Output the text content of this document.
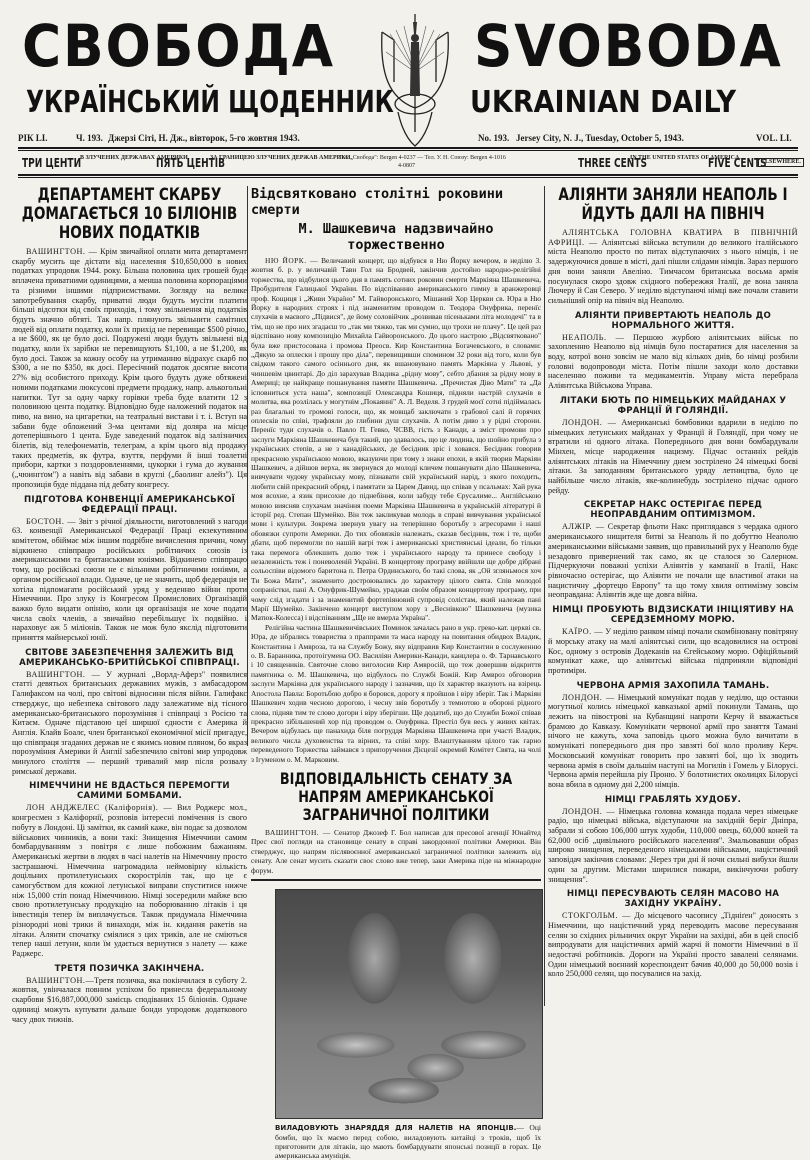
СВОБОДА SVOBODA
УКРАЇНСЬКИЙ ЩОДЕННИК	UKRAINIAN DAILY
РІК LI.	Ч. 193. Джерзі Сіті, Н. Дж., вівторок, 5-го жовтня 1943.	No. 193. Jersey City, N. J., Tuesday, October 5, 1943.	VOL. LI.
ТРИ ЦЕНТИ
В ЗЛУЧЕНИХ ДЕРЖАВАХ АМЕРИКИ.
ПЯТЬ ЦЕНТІВ
ЗА ГРАНИЦЕЮ ЗЛУЧЕНИХ ДЕРЖАВ АМЕРИКИ.
Тел. „Свобода": Bergen 4-0237 — Тел. У. Н. Союзу: Bergen 4-1016
4-0807	THREE CENTS
IN THE UNITED STATES OF AMERICA.
FIVE CENTS
ELSEWHERE.
ДЕПАРТАМЕНТ СКАРБУ ДОМАГАЄТЬСЯ 10 БІЛІОНІВ НОВИХ ПОДАТКІВ

ВАШИНГТОН. — Крім звичайної оплати мита департамент скарбу мусить ще дістати від населення $10,650,000 в нових податках упродовж 1944. року. Більша половина цих грошей буде вплачена приватними одиницями, а менша половина корпораціями та різними іншими підприємствами. Зогляду на велике запотребування скарбу, приватні люди будуть мусіти платити більші відсотки від своїх приходів, і тому звільнення від податків будуть значно обтяті. Так напр. плянують звільнити самітних людей від оплати податку, коли їх прихід не перевищає $500 річно, а не $600, як це було досі. Подружені люди будуть звільнені від податку, коли їх зарібки не перевищують $1,100, а не $1,200, як було досі. Також за кожну особу на утриманню відрахує скарб по $300, а не по $350, як досі. Пересічний податок досягне висоти 27% від особистого приходу. Крім цього будуть дуже обтяжені новими податками люксусові предмети продажу, напр. алькогольні напитки. Тут за одну чарку горівки треба буде влатити 12 з половиною цента податку. Відповідно буде наложений податок на пиво, на вино, на цигаретки, на театральні вистави і т. і. Вступ на забави буде обложений 3-ма центами від доляра на місце дотеперішнього 1 цента. Буде заведений податок від залізничих білетів, від телефонематів, телеграм, а крім цього від продажу таких предметів, як футра, взуття, перфуми й інші тоалетні прибори, картки з поздоровленнями, цукорки і гума до жування („чюингґом") а навіть від забави в круглі („баолинг алейз"). Ця пропозиція буде піддана під дебату конгресу.

ПІДГОТОВА КОНВЕНЦІЇ АМЕРИКАНСЬКОЇ ФЕДЕРАЦІЇ ПРАЦІ.

БОСТОН. — Звіт з річної діяльности, виготовлений з нагоди 63. конвенції Американської Федерації Праці екзекутивним комітетом, обіймає між іншим подрібне вичислення причин, чому відкинено співпрацю російських робітничих союзів із американськими та британськими юніями. Відкинено співпрацю тому, що російські союзи не є вільними робітничими юніями, а органом російської влади. Одначе, це не значить, щоб федерація не хотіла підпомагати російський уряд у веденню війни проти Німеччини. Про злуку із Конгресом Промислових Організацій важко було видати опінію, коли ця організація не хоче подати числа своїх членів, а звичайно перебільшує їх подвійно. і нараховує аж 5 міліонів. Також не мож було якслід підготовити приняття майнерської юнії.

СВІТОВЕ ЗАБЕЗПЕЧЕННЯ ЗАЛЕЖИТЬ ВІД АМЕРИКАНСЬКО-БРИТІЙСЬКОЇ СПІВПРАЦІ.

ВАШИНГТОН. — У журналі „Ворлд-Аферз" появилися статті девятьох британських державних мужів, з амбасадором Галифаксом на чолі, про світові відносини після війни. Галифакс стверджує, що небезпека світового ладу залежатиме від тісного американсько-британського порозуміння і співпраці з Росією та Китаєм. Одначе підставою цеї ширшої єдности є Америка й Англія. Клайв Боалє, член британської економічної місії пригадує, що співпраця згаданих держав не є якимсь новим пляном, бо якраз порозуміння Америки й Англії забезпечило світові мир упродовж минулого століття — перший тривалий мир після розвалу римської держави.

НІМЕЧЧИНИ НЕ ВДАСТЬСЯ ПЕРЕМОГТИ САМИМИ БОМБАМИ.

ЛОН АНДЖЕЛЕС (Каліфорнія). — Вил Роджерс мол., конгресмен з Каліфорнії, розповів інтересні помічення із свого побуту в Лондоні. Ці замітки, як самий каже, він подає за дозволом військових чинників, а вони такі: Знищення Німеччини самим бомбардуванням з повітря є лише побожним бажанням. Американські жертви в людях в часі налетів на Німеччину просто застрашаючі. Німеччина нагромадила неймовірну кількість доцільних протилетунських скорострілів так, що це є самогубством для кожної летунської виправи спуститися нижче ніж 15,000 стіп понад Німеччиною. Німці зосередили майже всю свою протилетунську продукцію на поборюванню літаків і ця інвестиція тепер їм виплачується. Також придумала Німеччина різнородні нові трики й винаходи, між ін. кидання ракетів на літаки. Алянти спочатку сміялися з цих триків, але не сміються тепер наші летуни, коли їм удається вернутися з налету — каже Раджерс.

ТРЕТЯ ПОЗИЧКА ЗАКІНЧЕНА.

ВАШИНГТОН.—Третя позичка, яка покінчилася в суботу 2. жовтня, увінчалася повним успіхом бо принесла федеральному скарбови $16,887,000,000 замісць сподіваних 15 біліонів. Одначе одиниці можуть купувати дальше бонди упродовж додаткового часу двох тижнів.

Відсвятковано столітні роковини смерти
М. Шашкевича надзвичайно торжественно

НЮ ЙОРК. — Величавий концерт, що відбувся в Ню Йорку вечером, в неділю 3. жовтня б. р. у величавій Тавн Гол на Бродвей, закінчив достойно народно-релігійні торжества, що відбулися цього дня в память сотних роковин смерти Маркіяна Шашкевича, Пробудителя Галицької України. По відспіванню американського гимну в аранжеровці проф. Кощиця і „Живи Україно" М. Гайворонського, Мішаний Хор Церкви св. Юра в Ню Йорку в народних строях і під знаменитим проводом п. Теодора Онуфрика, перенїс слухачів в маєвого „Підвися", де йому соловійчик „розвивав пісеньками літа молодечі" та в тім, що не про них згадаєш то „так ми тяжко, так ми сумно, що трохи не плачу". Це цей раз відспівано нову композицію Михайла Гайворонського. До цього настрою „Відсвятковано" була вже пристосована і промова Преосв. Кир Константина Богачевського, в словами: „Дякую за оплески і прошу про діла", перевищивши спомином 32 роки від того, коли був свідком такого самого осіннього дня, як вшановувано память Маркіяна у Львові, у чиншевім цвинтарі. До діл зарахував Владика „рідну мову", себто дбання за рідну мову в Америці; це найкраще пошанування памяти Шашкевича. „Пречистая Діво Мати" та „Да ісповниться уста наша", композиції Олександра Кошиця, підняли настрій слухачів в молитва, яка розлілась у могутнім „Покаянні" А. Л. Веделя. З грудей моєї сотні підіймалась раз благальні то громові голоси, що, як мовщаб заключати з грабової салі й горячих оплесків по співі, трафляли до глибини душ слухачів. А потім диво з у рідні сторони. Перенїс туди слухачів о. Павло П. Гевко, ЧСВВ, гість з Канади, а зміст промови про заслуги Маркіяна Шашкевича був такий, що здавалось, що це людина, що шойно прибула з українських степів, а не з канадійських, де бесідник зріс і ховався. Бесідник говорив прекрасною українською мовою, вказуючи при тому з знаки епохи, в якій творив Маркіян Шашкевич, а дійшов верха, як звернувся до молоді кличем пошанувати діло Шашкевича, вивчувати чудову українську мову, пізнавати свій український нарід, з якого походить, любити свій прекрасний обряд, і памятати за Царем Давид, що співав у псальмах: Хай рука моя всохне, а язик присохне до піднебіння, коли забуду тебе Єрусалиме... Англійською мовою виясняв слухачам значіння поеми Маркіяна Шашкевича в українській літературі й історії ред. Степан Шумейко. Він теж закликував молодь в справі вивчування української мови і культури. Зокрема звернув увагу на теперішню боротьбу з агресорами і наші обовязки супроти Америки. До тих обовязків належать, сказав бесідник, теж і те, щоби дбати, щоб перемогли по нашій вагрі теж і американські християнські ідеали, бо тільки така перемога облекшить долю теж і українського народу та принесе свободу і незалежність теж і поневоленій Україні. В концертову програму ввійшли ще добре дібрані сольоспіви відомого баритона п. Петра Ординського, бо такі слова, як „Ой згляньмося хоч Ти Божа Мати", знаменито достроювались до характеру цілого свята. Спів молодої сопраністки, пані А. Онуфрик-Шумейко, ураджав своїм образом концертову програму, при чому слід згадати і за знаменитий фортепіяновий супровід солістам, який належав пані Марії Шумейко. Закінчено концерт виступом хору з „Веснівкою" Шашкевича (музика Матюк-Колесса) і відспіванням „Ще не вмерла Україна".

Релігійна частина Шашкевичівських Поминок зачалась рано в укр. греко-кат. церкві св. Юра, де зібрались товариства з праппрами та маса народу на повитання обидвох Владик, Константина і Амвроза, та на Службу Божу, яку відправив Кир Константин в сослуженню о. В. Баранника, протоігумена ОО. Василіян Америки-Канади, канцлера о. Ф. Тарнавського і 10 священиків. Святочне слово виголосив Кир Амвросій, що теж довершив відкриття памятника о. М. Шашкевича, що відбулось по Службі Божій. Кир Амвроз обговорив заслуги Маркіяна для українського народу і зазначив, що їх характер вказують на взірець Апостола Павла: Боротьбою добро я боровся, дорогу я пройшов і віру зберіг. Так і Маркіян Шашкевич ходив чесною дорогою, і чесну звів боротьбу з темнотою в обороні рідного слова, підняв тим те слово догори і віру зберігши. Ще додатиб, що до Служби Божої співав прекрасно зібільшений хор під проводом о. Онуфрика. Престіл був весь у живих квітах. Вечером відбулась ще панахида біля погруддя Маркіяна Шашкевича при участі Владик, великого числа духовенства та вірних, та співі хору. Влаштуванням цілого так гарно переведеного Торжества займався з припоручення Дієцезії окремий Комітет Свята, на чолі з Ігуменом о. М. Марковим.

ВІДПОВІДАЛЬНІСТЬ СЕНАТУ ЗА НАПРЯМ АМЕРИКАНСЬКОЇ ЗАГРАНИЧНОЇ ПОЛІТИКИ

ВАШИНГТОН. — Сенатор Джозеф Г. Бол написав для пресової агенції Юнайтед Прес свої погляди на становище сенату в справі закордонної політики Америки. Він стверджує, що напрям післявоєнної американської заграничної політики залежить від сенату. Але сенат мусить сказати своє слово вже тепер, заки Америка піде на міжнародне форум.

ВИЛАДОВУЮТЬ ЗНАРЯДДЯ ДЛЯ НАЛЕТІВ НА ЯПОНЦІВ.— Оці бомби, що їх маємо перед собою, виладовують китайці з троків, щоб їх приготовити для літаків, що мають бомбардувати японські позиції в горах. Це американська амуніція.
АЛІЯНТИ ЗАНЯЛИ НЕАПОЛЬ І ЙДУТЬ ДАЛІ НА ПІВНІЧ

АЛІЯНТСЬКА ГОЛОВНА КВАТИРА В ПІВНІЧНІЙ АФРИЦІ. — Аліянтські війська вступили до великого італійського міста Неаполю просто по питах відступаючих з нього німців, і не задержуючися довше в місті, далі пішли слідами німців. Зараз першого дня вони заняли Авеліно. Тимчасом британська восьма армія посунулася скоро здовж східного побережжя Італії, де вона заняла Лючеру й Сан Северо. У неділю відступаючі німці вже почали ставити сильніший опір на північ від Неаполю.

АЛІЯНТИ ПРИВЕРТАЮТЬ НЕАПОЛЬ ДО НОРМАЛЬНОГО ЖИТТЯ.

НЕАПОЛЬ. — Першою журбою аліянтських військ по захопленню Неаполю від німців було постаратися для населення за воду, котрої воно зовсім не мало від кількох днів, бо німці розбили головні водопроводи міста. Потім пішли заходи коло доставки населенню поживи та медикаментів. Управу міста перебрала Аліянтська Військова Управа.

ЛІТАКИ БЮТЬ ПО НІМЕЦЬКИХ МАЙДАНАХ У ФРАНЦІЇ Й ГОЛЯНДІЇ.

ЛОНДОН. — Американські бомбовики вдарили в неділю по німецьких летунських майданах у Франції й Голяндії, при чому не втратили ні одного літака. Попереднього дня вони бомбардували Мінхен, місце народження нацизму. Підчас останніх рейдів аліянтських літаків на Німеччину днем зострілено 24 німецькі боєві літаки. За заподанням британського уряду летництва, було це найбільше число літаків, яке-колинебудь зострілено підчас одного рейду.

СЕКРЕТАР НАКС ОСТЕРІГАЄ ПЕРЕД НЕОПРАВДАНИМ ОПТИМІЗМОМ.

АЛЖІР. — Секретар фльоти Накс приглядався з чердака одного американського нищителя битві за Неаполь й по добуттю Неаполю американськими військами заявив, що правильний рух у Неаполю буде незадовго привернений так само, як це сталося зо Салерном. Підчеркуючи поважні успіхи Аліянтів у кампанії в Італії, Накс рівночасно остерігає, що Аліянти не почали ще властивої атаки на нацистичну „фортецю Европу" та що тому хвиля оптимізму зовсім неоправдана: Аліянтів жде ще довга війна.

НІМЦІ ПРОБУЮТЬ ВІДЗИСКАТИ ІНІЦІЯТИВУ НА СЕРЕДЗЕМНОМУ МОРЮ.

КАЇРО. — У неділю ранком німці почали скомбіновану повітряну й морську атаку на малі аліянтські сили, що всадовилися на острові Кос, одному з островів Додеканів на Єгейському морю. Офіційльний комунікат каже, що аліянтські війська підприняли відповідні протиміри.

ЧЕРВОНА АРМІЯ ЗАХОПИЛА ТАМАНЬ.

ЛОНДОН. — Німецький комунікат подав у неділю, що останки могутньої колись німецької кавказької армії покинули Тамань, що лежить на півострові на Кубанщині напроти Керчу й вважається брамою до Кавказу. Комунікати червоної армії про заняття Тамані нічого не кажуть, хоча заповідь цього можна було вичитати в комунікаті попереднього дня про завзяті бої коло проливу Керч. Московський комунікат говорить про завзяті бої, що їх зводить червона армія в своїм дальшім наступі на Могилів і Гомель у Білорусі. Червона армія перейшла ріу Проню. У болотнистих околицях Білорусі вона вбила в одному дні 2,200 німців.

НІМЦІ ГРАБЛЯТЬ ХУДОБУ.

ЛОНДОН. — Німецька головна команда подала через німецьке радіо, що німецькі війська, відступаючи на західній беріг Дніпра, забрали зі собою 106,000 штук худоби, 110,000 овець, 60,000 коней та 62,000 осіб „цивільного російського населення". Змальовавши образ широко знищення, переведеного німецькими військами, націстичний заповідач закінчив словами: „Через три дні й ночи сильні вибухи йшли один за другим. Містами ширилися пожари, викінчуючи роботу знищення".

НІМЦІ ПЕРЕСУВАЮТЬ СЕЛЯН МАСОВО НА ЗАХІДНУ УКРАЇНУ.

СТОКГОЛЬМ. — До місцевого часопису „Тідніґен" доносять з Німеччини, що націстичний уряд переводить масове пересування селян зо східних рільничих округ України на західні, аби в цей спосіб випродувати для націстичних армій жарчі й помогти Німеччині в її недостачі робітників. Дороги на Україні просто завалені селянами. Один німецький воєнний кореспондент бачив 40,000 до 50,000 возів і коло 250,000 селян, що посувалися на захід.
